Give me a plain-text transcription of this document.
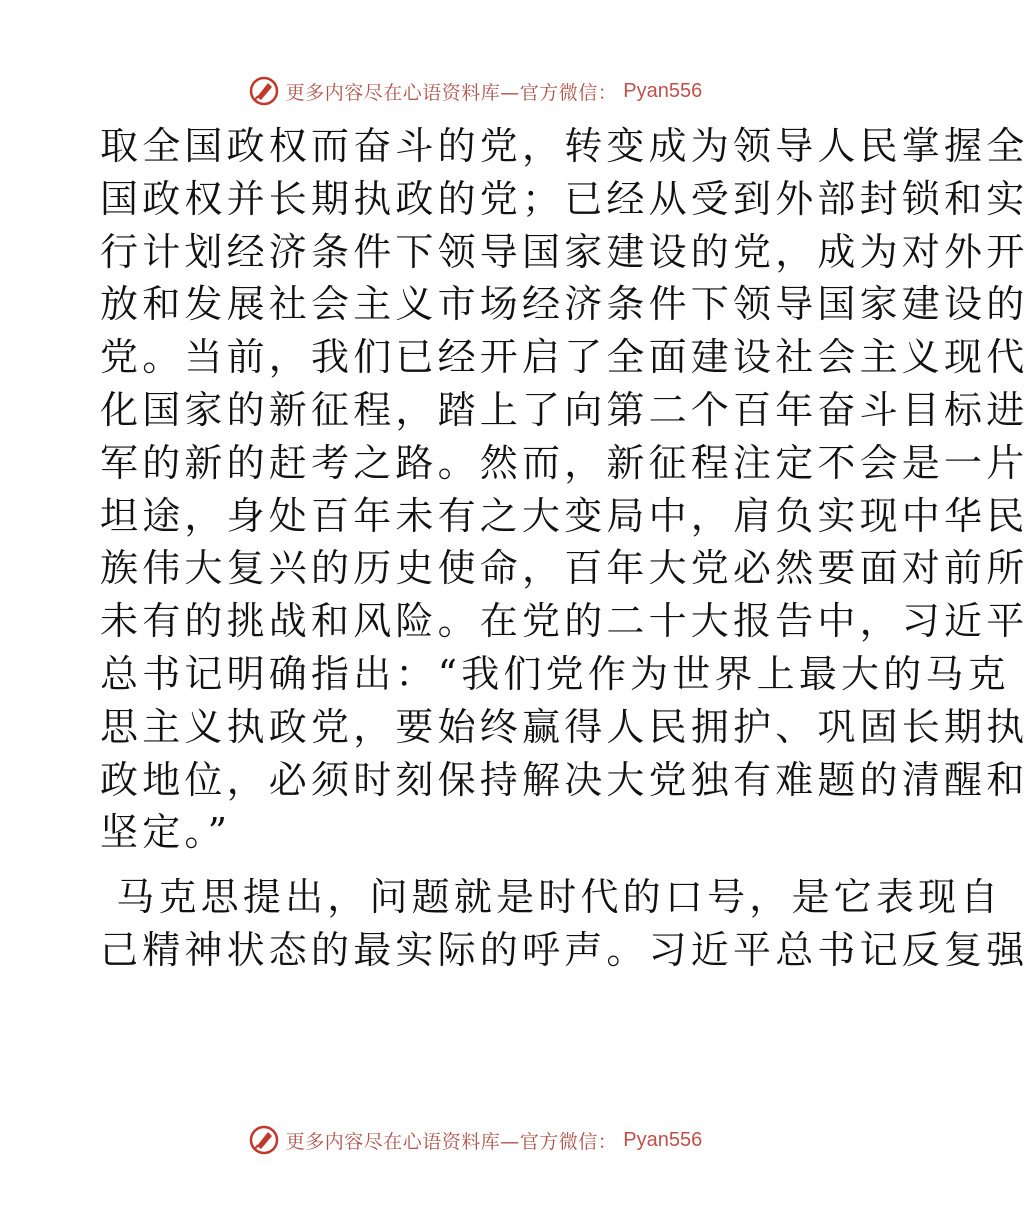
更多内容尽在心语资料库—官方微信： Pyan556
取全国政权而奋斗的党，转变成为领导人民掌握全
国政权并长期执政的党；已经从受到外部封锁和实
行计划经济条件下领导国家建设的党，成为对外开
放和发展社会主义市场经济条件下领导国家建设的
党。当前，我们已经开启了全面建设社会主义现代
化国家的新征程，踏上了向第二个百年奋斗目标进
军的新的赶考之路。然而，新征程注定不会是一片
坦途，身处百年未有之大变局中，肩负实现中华民
族伟大复兴的历史使命，百年大党必然要面对前所
未有的挑战和风险。在党的二十大报告中，习近平
总书记明确指出：“我们党作为世界上最大的马克
思主义执政党，要始终赢得人民拥护、巩固长期执
政地位，必须时刻保持解决大党独有难题的清醒和
坚定。”
马克思提出，问题就是时代的口号，是它表现自
己精神状态的最实际的呼声。习近平总书记反复强
更多内容尽在心语资料库—官方微信： Pyan556
